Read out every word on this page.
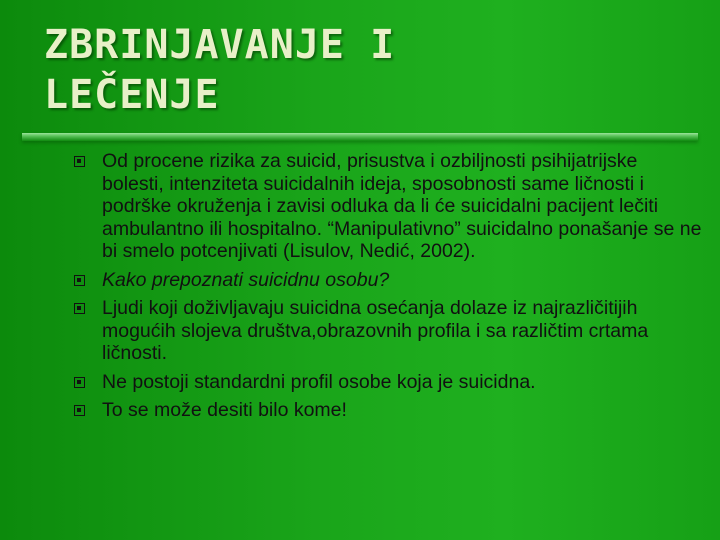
ZBRINJAVANJE I
LEČENJE
Od procene rizika za suicid, prisustva i ozbiljnosti psihijatrijske bolesti, intenziteta suicidalnih ideja, sposobnosti same ličnosti i podrške okruženja i zavisi odluka da li će suicidalni pacijent lečiti ambulantno ili hospitalno. “Manipulativno” suicidalno ponašanje se ne bi smelo potcenjivati (Lisulov, Nedić, 2002).
Kako prepoznati suicidnu osobu?
Ljudi koji doživljavaju suicidna osećanja dolaze iz najrazličitijih mogućih slojeva društva,obrazovnih profila i sa različtim crtama ličnosti.
Ne postoji standardni profil osobe koja je suicidna.
To se može desiti bilo kome!
